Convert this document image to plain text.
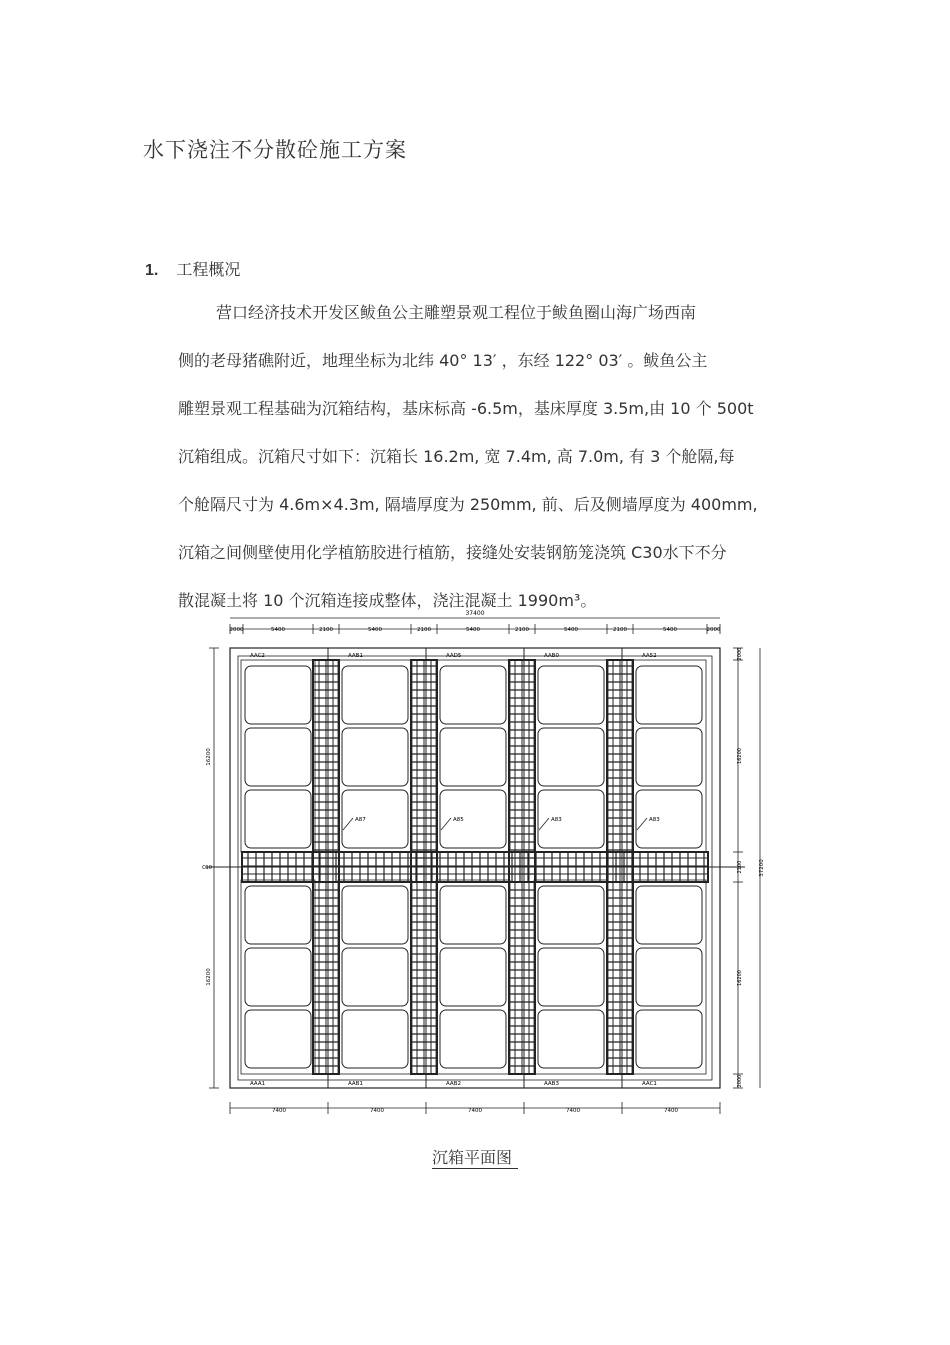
水下浇注不分散砼施工方案
1. 工程概况
营口经济技术开发区鲅鱼公主雕塑景观工程位于鲅鱼圈山海广场西南
侧的老母猪礁附近，地理坐标为北纬 40° 13′ ，东经 122° 03′ 。鲅鱼公主
雕塑景观工程基础为沉箱结构，基床标高 -6.5m，基床厚度 3.5m,由 10 个 500t
沉箱组成。沉箱尺寸如下：沉箱长 16.2m, 宽 7.4m, 高 7.0m, 有 3 个舱隔,每
个舱隔尺寸为 4.6m×4.3m, 隔墙厚度为 250mm, 前、后及侧墙厚度为 400mm,
沉箱之间侧壁使用化学植筋胶进行植筋，接缝处安装钢筋笼浇筑 C30水下不分
散混凝土将 10 个沉箱连接成整体，浇注混凝土 1990m³。
37400
2000	5400	2100	5400	2100	5400	2100	5400	2100	5400	2000
7400	7400	7400	7400	7400
16200
16200
C10
2000
16200
2100
16200
2000
37200
AAC2	AAB1	AAD5	AAB0	AA52
AAA1	AAB1	AAB2	AAB3	AAC1
A87	A85	A83	A83
沉箱平面图
